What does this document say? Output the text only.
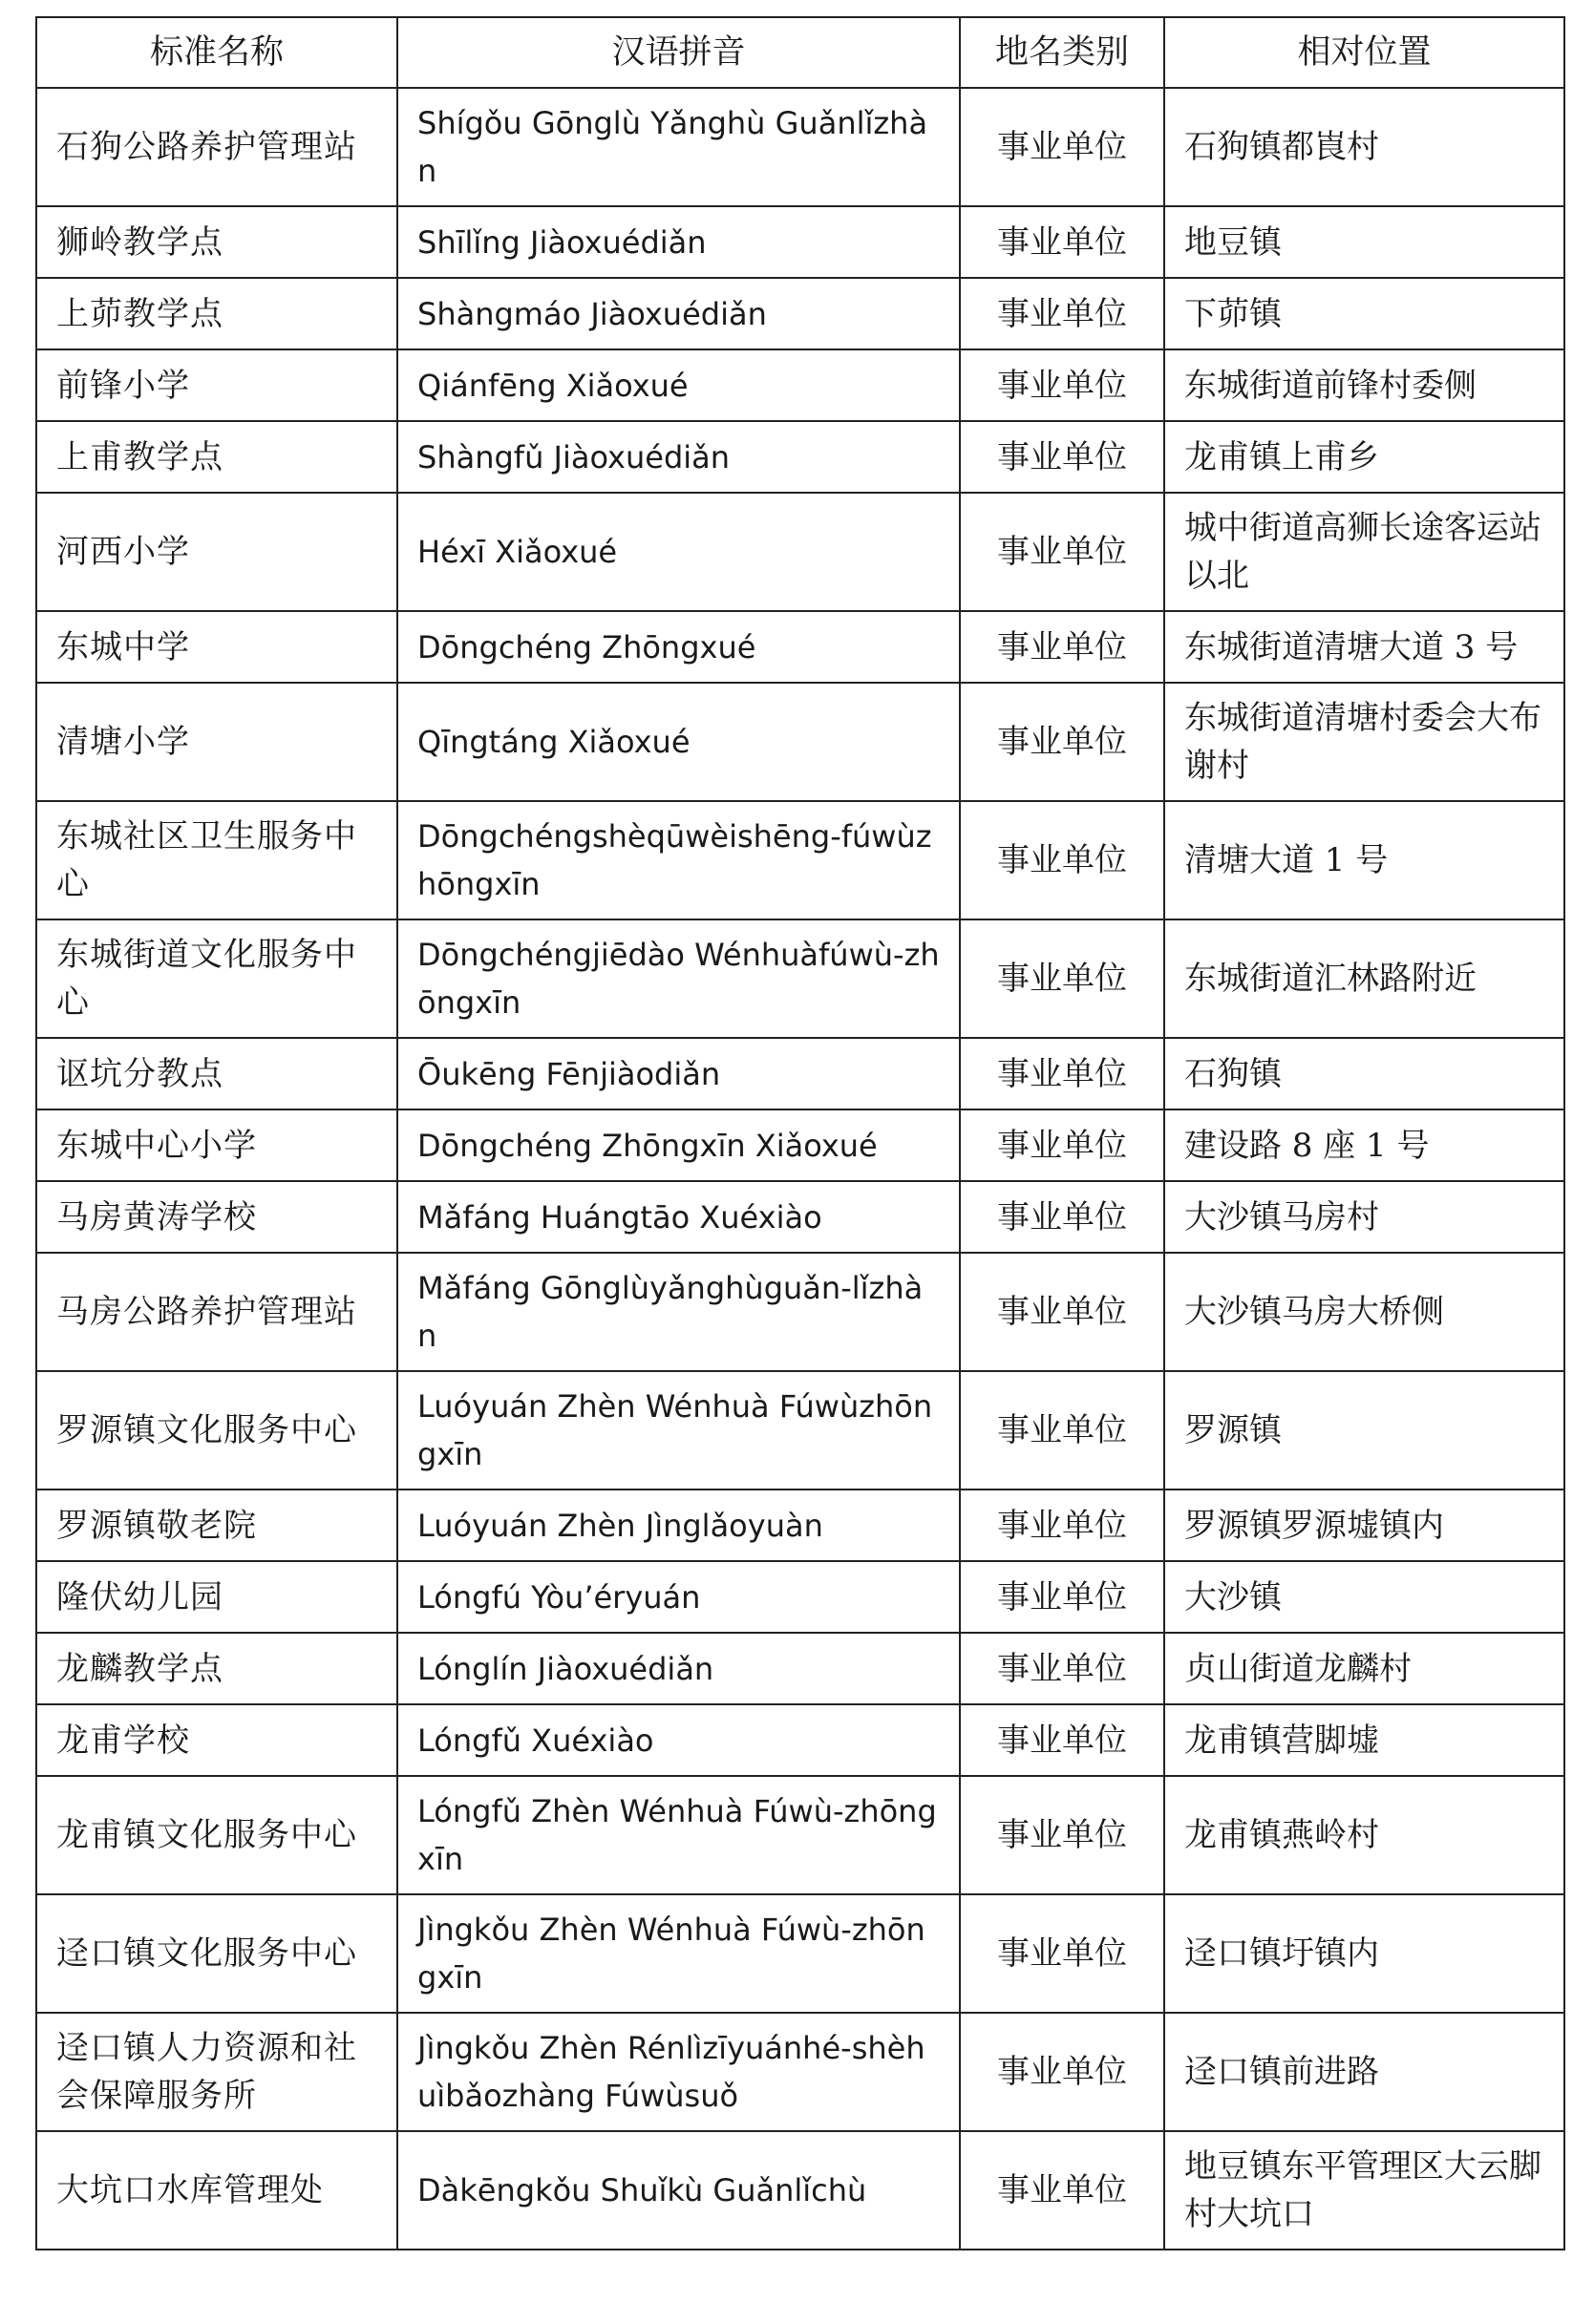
标准名称	汉语拼音	地名类别	相对位置
石狗公路养护管理站	Shígǒu Gōnglù Yǎnghù Guǎnlǐzhàn	事业单位	石狗镇都崀村
狮岭教学点	Shīlǐng Jiàoxuédiǎn	事业单位	地豆镇
上茆教学点	Shàngmáo Jiàoxuédiǎn	事业单位	下茆镇
前锋小学	Qiánfēng Xiǎoxué	事业单位	东城街道前锋村委侧
上甫教学点	Shàngfǔ Jiàoxuédiǎn	事业单位	龙甫镇上甫乡
河西小学	Héxī Xiǎoxué	事业单位	城中街道高狮长途客运站以北
东城中学	Dōngchéng Zhōngxué	事业单位	东城街道清塘大道 3 号
清塘小学	Qīngtáng Xiǎoxué	事业单位	东城街道清塘村委会大布谢村
东城社区卫生服务中心	Dōngchéngshèqūwèishēng-fúwùzhōngxīn	事业单位	清塘大道 1 号
东城街道文化服务中心	Dōngchéngjiēdào Wénhuàfúwù-zhōngxīn	事业单位	东城街道汇林路附近
讴坑分教点	Ōukēng Fēnjiàodiǎn	事业单位	石狗镇
东城中心小学	Dōngchéng Zhōngxīn Xiǎoxué	事业单位	建设路 8 座 1 号
马房黄涛学校	Mǎfáng Huángtāo Xuéxiào	事业单位	大沙镇马房村
马房公路养护管理站	Mǎfáng Gōnglùyǎnghùguǎn-lǐzhàn	事业单位	大沙镇马房大桥侧
罗源镇文化服务中心	Luóyuán Zhèn Wénhuà Fúwùzhōngxīn	事业单位	罗源镇
罗源镇敬老院	Luóyuán Zhèn Jìnglǎoyuàn	事业单位	罗源镇罗源墟镇内
隆伏幼儿园	Lóngfú Yòu’éryuán	事业单位	大沙镇
龙麟教学点	Lónglín Jiàoxuédiǎn	事业单位	贞山街道龙麟村
龙甫学校	Lóngfǔ Xuéxiào	事业单位	龙甫镇营脚墟
龙甫镇文化服务中心	Lóngfǔ Zhèn Wénhuà Fúwù-zhōngxīn	事业单位	龙甫镇燕岭村
迳口镇文化服务中心	Jìngkǒu Zhèn Wénhuà Fúwù-zhōngxīn	事业单位	迳口镇圩镇内
迳口镇人力资源和社会保障服务所	Jìngkǒu Zhèn Rénlìzīyuánhé-shèhuìbǎozhàng Fúwùsuǒ	事业单位	迳口镇前进路
大坑口水库管理处	Dàkēngkǒu Shuǐkù Guǎnlǐchù	事业单位	地豆镇东平管理区大云脚村大坑口
